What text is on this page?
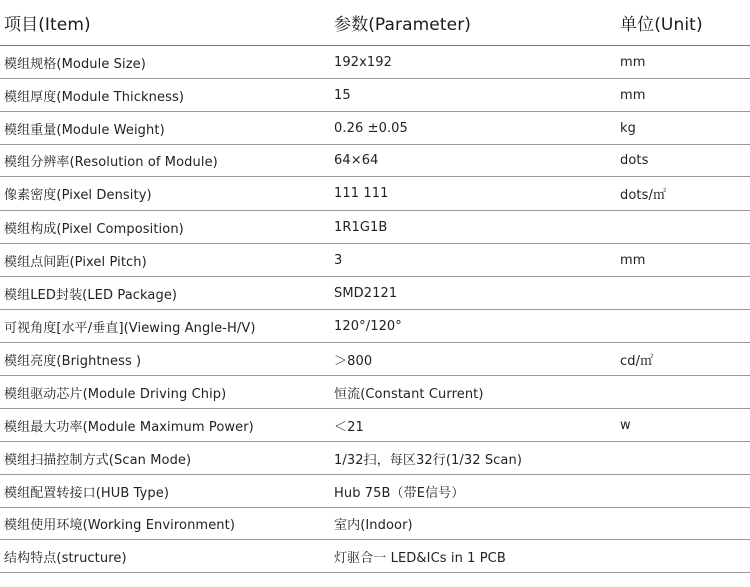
项目(Item)	参数(Parameter)	单位(Unit)
模组规格(Module Size)	192x192	mm
模组厚度(Module Thickness)	15	mm
模组重量(Module Weight)	0.26 ±0.05	kg
模组分辨率(Resolution of Module)	64×64	dots
像素密度(Pixel Density)	111 111	dots/㎡
模组构成(Pixel Composition)	1R1G1B
模组点间距(Pixel Pitch)	3	mm
模组LED封装(LED Package)	SMD2121
可视角度[水平/垂直](Viewing Angle-H/V)	120°/120°
模组亮度(Brightness )	＞800	cd/㎡
模组驱动芯片(Module Driving Chip)	恒流(Constant Current)
模组最大功率(Module Maximum Power)	＜21	w
模组扫描控制方式(Scan Mode)	1/32扫，每区32行(1/32 Scan)
模组配置转接口(HUB Type)	Hub 75B（带E信号）
模组使用环境(Working Environment)	室内(Indoor)
结构特点(structure)	灯驱合一 LED&ICs in 1 PCB
